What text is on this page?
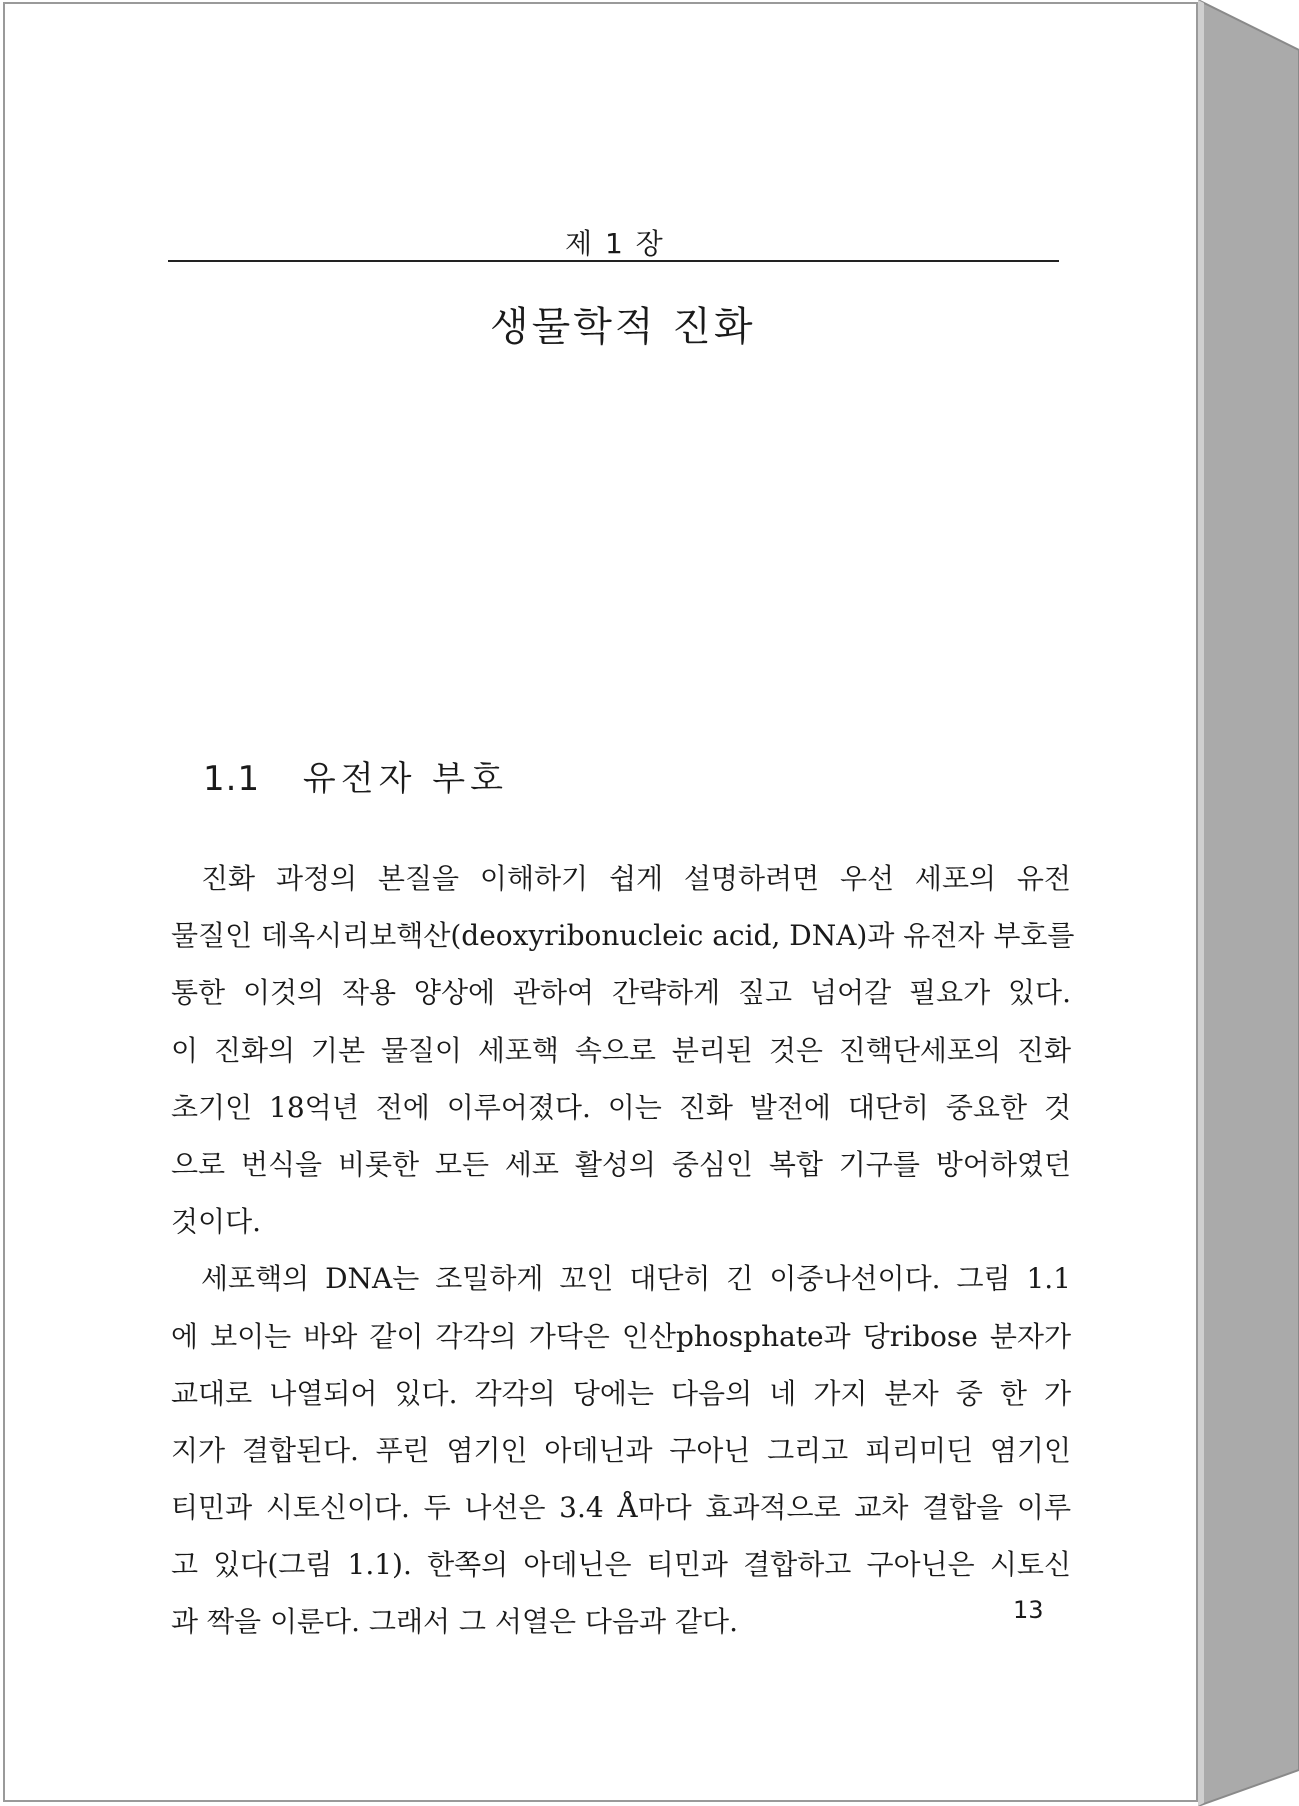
제 1 장
생물학적 진화
1.1 유전자 부호
진화 과정의 본질을 이해하기 쉽게 설명하려면 우선 세포의 유전
물질인 데옥시리보핵산(deoxyribonucleic acid, DNA)과 유전자 부호를
통한 이것의 작용 양상에 관하여 간략하게 짚고 넘어갈 필요가 있다.
이 진화의 기본 물질이 세포핵 속으로 분리된 것은 진핵단세포의 진화
초기인 18억년 전에 이루어졌다. 이는 진화 발전에 대단히 중요한 것
으로 번식을 비롯한 모든 세포 활성의 중심인 복합 기구를 방어하였던
것이다.
세포핵의 DNA는 조밀하게 꼬인 대단히 긴 이중나선이다. 그림 1.1
에 보이는 바와 같이 각각의 가닥은 인산phosphate과 당ribose 분자가
교대로 나열되어 있다. 각각의 당에는 다음의 네 가지 분자 중 한 가
지가 결합된다. 푸린 염기인 아데닌과 구아닌 그리고 피리미딘 염기인
티민과 시토신이다. 두 나선은 3.4 Å마다 효과적으로 교차 결합을 이루
고 있다(그림 1.1). 한쪽의 아데닌은 티민과 결합하고 구아닌은 시토신
과 짝을 이룬다. 그래서 그 서열은 다음과 같다.	13
